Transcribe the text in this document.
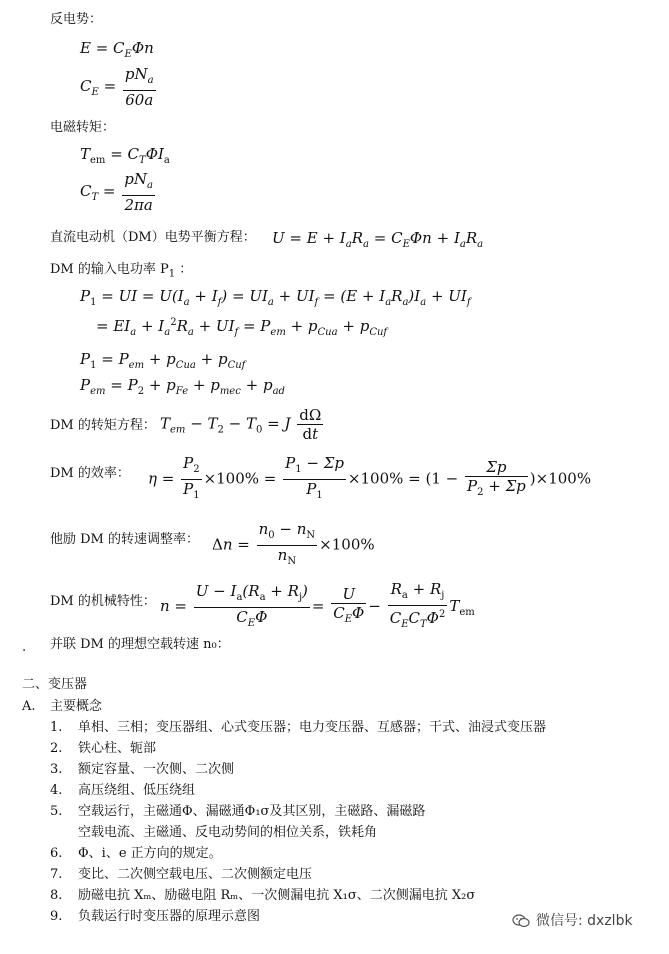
反电势：
$E = C_E\Phi n$
$C_E = \frac{pN_a}{60a}$
电磁转矩：
$T_{em} = C_T\Phi I_a$
$C_T = \frac{pN_a}{2\pi a}$
直流电动机（DM）电势平衡方程： $U = E + I_aR_a = C_E\Phi n + I_aR_a$
DM 的输入电功率 $P_1$ ：
$P_1$ = UI = $U(I_a + I_f) = UI_a + UI_f = (E + I_aR_a)I_a + UI_f$
= $EI_a + I_a^2R_a + UI_f = P_{em} + p_{Cua} + p_{Cuf}$
$P_1 = P_{em} + p_{Cua} + p_{Cuf}$
$P_{em} = P_2 + p_{Fe} + p_{mec} + p_{ad}$
DM 的转矩方程： $T_{em} - T_2 - T_0 = J \frac{d\Omega}{dt}$
DM 的效率： $\eta = \frac{P_2}{P_1} \times 100\% = \frac{P_1 - \Sigma p}{P_1} \times 100\% = (1 - \frac{\Sigma p}{P_2 + \Sigma p} )\times 100\%$
他励 DM 的转速调整率： $\Delta n = \frac{n_0 - n_N}{n_N} \times 100\%$
DM 的机械特性： $n = \frac{U - I_a(R_a + R_j)}{C_E\Phi} = \frac{U}{C_E\Phi} - \frac{R_a + R_j}{C_EC_T\Phi^2} T_{em}$
. 并联 DM 的理想空载转速 n₀：
二、变压器
A. 主要概念
1.	单相、三相；变压器组、心式变压器；电力变压器、互感器；干式、油浸式变压器
2.	铁心柱、轭部
3.	额定容量、一次侧、二次侧
4.	高压绕组、低压绕组
5.	空载运行，主磁通Φ、漏磁通Φ₁σ及其区别，主磁路、漏磁路
空载电流、主磁通、反电动势间的相位关系，铁耗角
6.	Φ、i、e 正方向的规定。
7.	变比、二次侧空载电压、二次侧额定电压
8.	励磁电抗 Xₘ、励磁电阻 Rₘ、一次侧漏电抗 X₁σ、二次侧漏电抗 X₂σ
9.	负载运行时变压器的原理示意图	微信号: dxzlbk
